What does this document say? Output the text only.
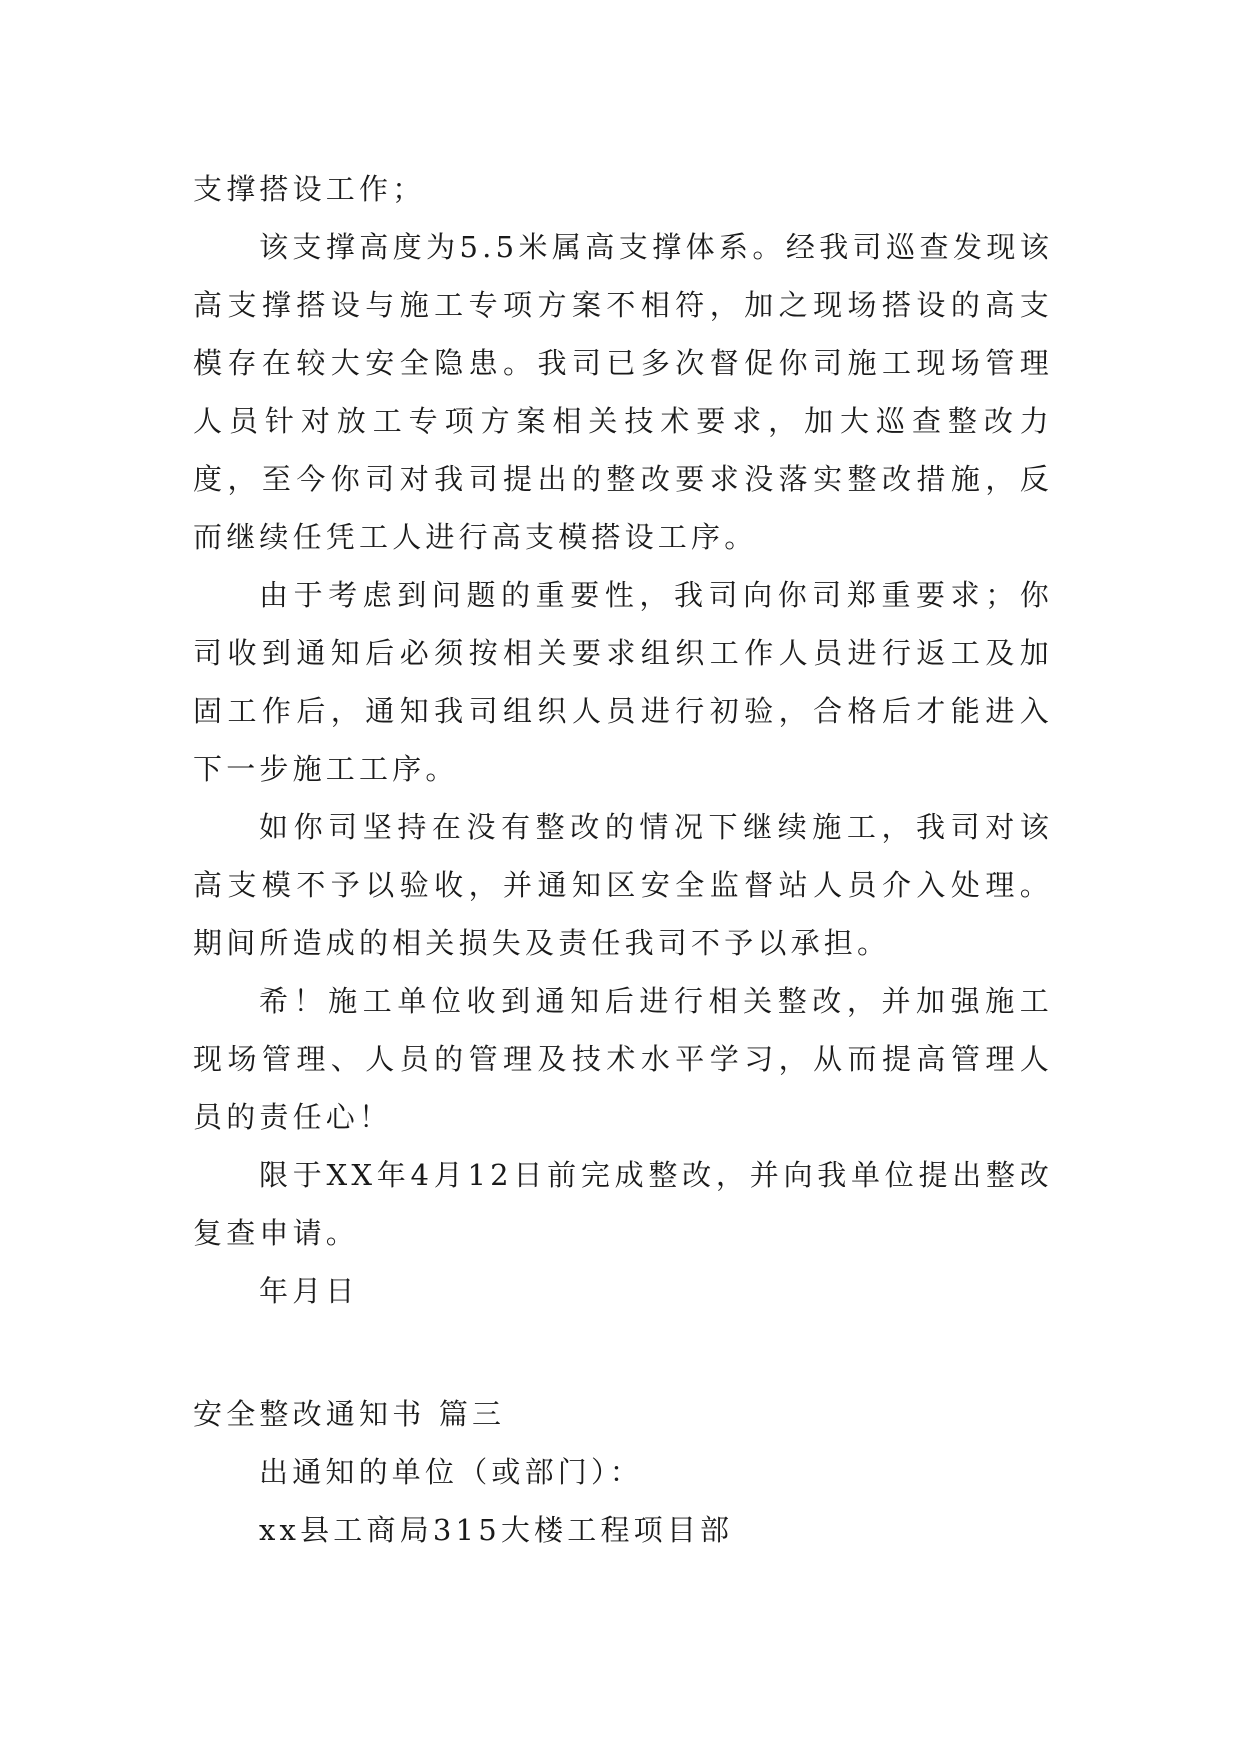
支撑搭设工作；
该支撑高度为5.5米属高支撑体系。经我司巡查发现该高支撑搭设与施工专项方案不相符，加之现场搭设的高支模存在较大安全隐患。我司已多次督促你司施工现场管理人员针对放工专项方案相关技术要求，加大巡查整改力度，至今你司对我司提出的整改要求没落实整改措施，反而继续任凭工人进行高支模搭设工序。
由于考虑到问题的重要性，我司向你司郑重要求；你司收到通知后必须按相关要求组织工作人员进行返工及加固工作后，通知我司组织人员进行初验，合格后才能进入下一步施工工序。
如你司坚持在没有整改的情况下继续施工，我司对该高支模不予以验收，并通知区安全监督站人员介入处理。期间所造成的相关损失及责任我司不予以承担。
希！施工单位收到通知后进行相关整改，并加强施工现场管理、人员的管理及技术水平学习，从而提高管理人员的责任心！
限于XX年4月12日前完成整改，并向我单位提出整改复查申请。
年月日
安全整改通知书 篇三
出通知的单位（或部门）：
xx县工商局315大楼工程项目部
